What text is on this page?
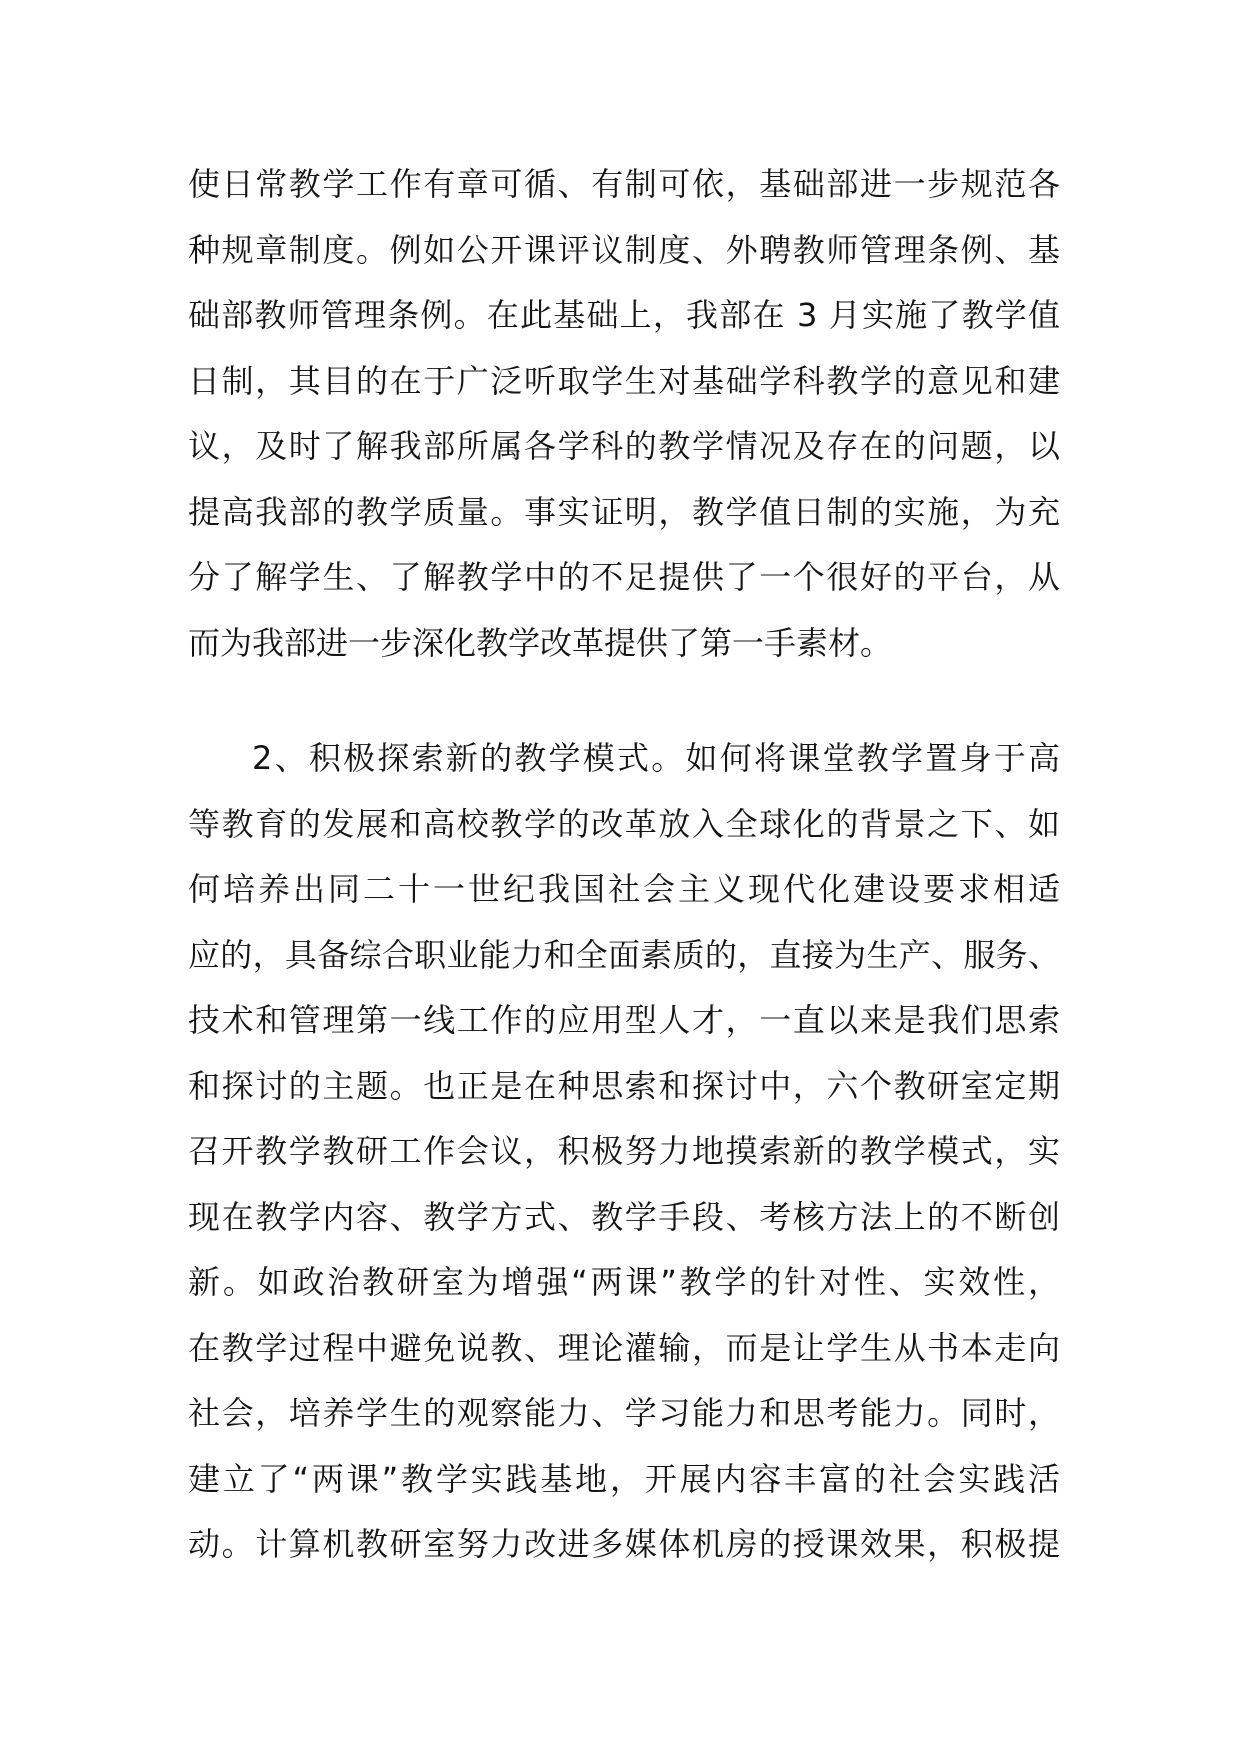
使日常教学工作有章可循、有制可依，基础部进一步规范各
种规章制度。例如公开课评议制度、外聘教师管理条例、基
础部教师管理条例。在此基础上，我部在 3 月实施了教学值
日制，其目的在于广泛听取学生对基础学科教学的意见和建
议，及时了解我部所属各学科的教学情况及存在的问题，以
提高我部的教学质量。事实证明，教学值日制的实施，为充
分了解学生、了解教学中的不足提供了一个很好的平台，从
而为我部进一步深化教学改革提供了第一手素材。
2、积极探索新的教学模式。如何将课堂教学置身于高
等教育的发展和高校教学的改革放入全球化的背景之下、如
何培养出同二十一世纪我国社会主义现代化建设要求相适
应的，具备综合职业能力和全面素质的，直接为生产、服务、
技术和管理第一线工作的应用型人才，一直以来是我们思索
和探讨的主题。也正是在种思索和探讨中，六个教研室定期
召开教学教研工作会议，积极努力地摸索新的教学模式，实
现在教学内容、教学方式、教学手段、考核方法上的不断创
新。如政治教研室为增强“两课”教学的针对性、实效性，
在教学过程中避免说教、理论灌输，而是让学生从书本走向
社会，培养学生的观察能力、学习能力和思考能力。同时，
建立了“两课”教学实践基地，开展内容丰富的社会实践活
动。计算机教研室努力改进多媒体机房的授课效果，积极提
